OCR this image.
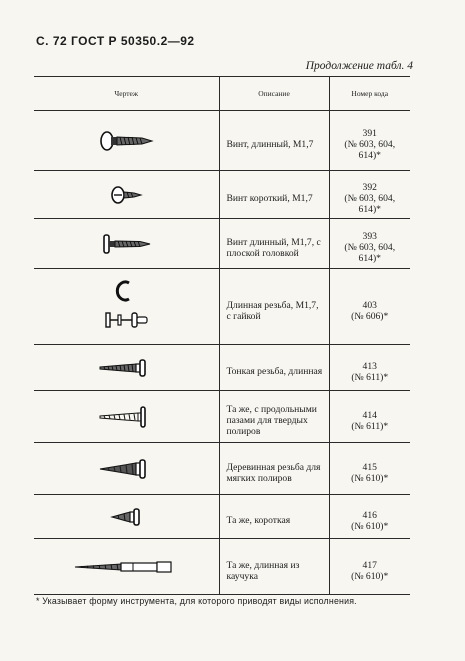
С. 72 ГОСТ Р 50350.2—92
Продолжение табл. 4
Чертеж	Описание	Номер кода

	Винт, длинный, М1,7	391
(№ 603, 604,
614)*

	Винт короткий, М1,7	392
(№ 603, 604,
614)*

	Винт длинный, М1,7, с плоской головкой	393
(№ 603, 604,
614)*

	Длинная резьба, М1,7, с гайкой	403
(№ 606)*

	Тонкая резьба, длинная	413
(№ 611)*

	Та же, с продольными пазами для твердых полиров	414
(№ 611)*

	Деревинная резьба для мягких полиров	415
(№ 610)*

	Та же, короткая	416
(№ 610)*

	Та же, длинная из каучука	417
(№ 610)*
* Указывает форму инструмента, для которого приводят виды исполнения.
